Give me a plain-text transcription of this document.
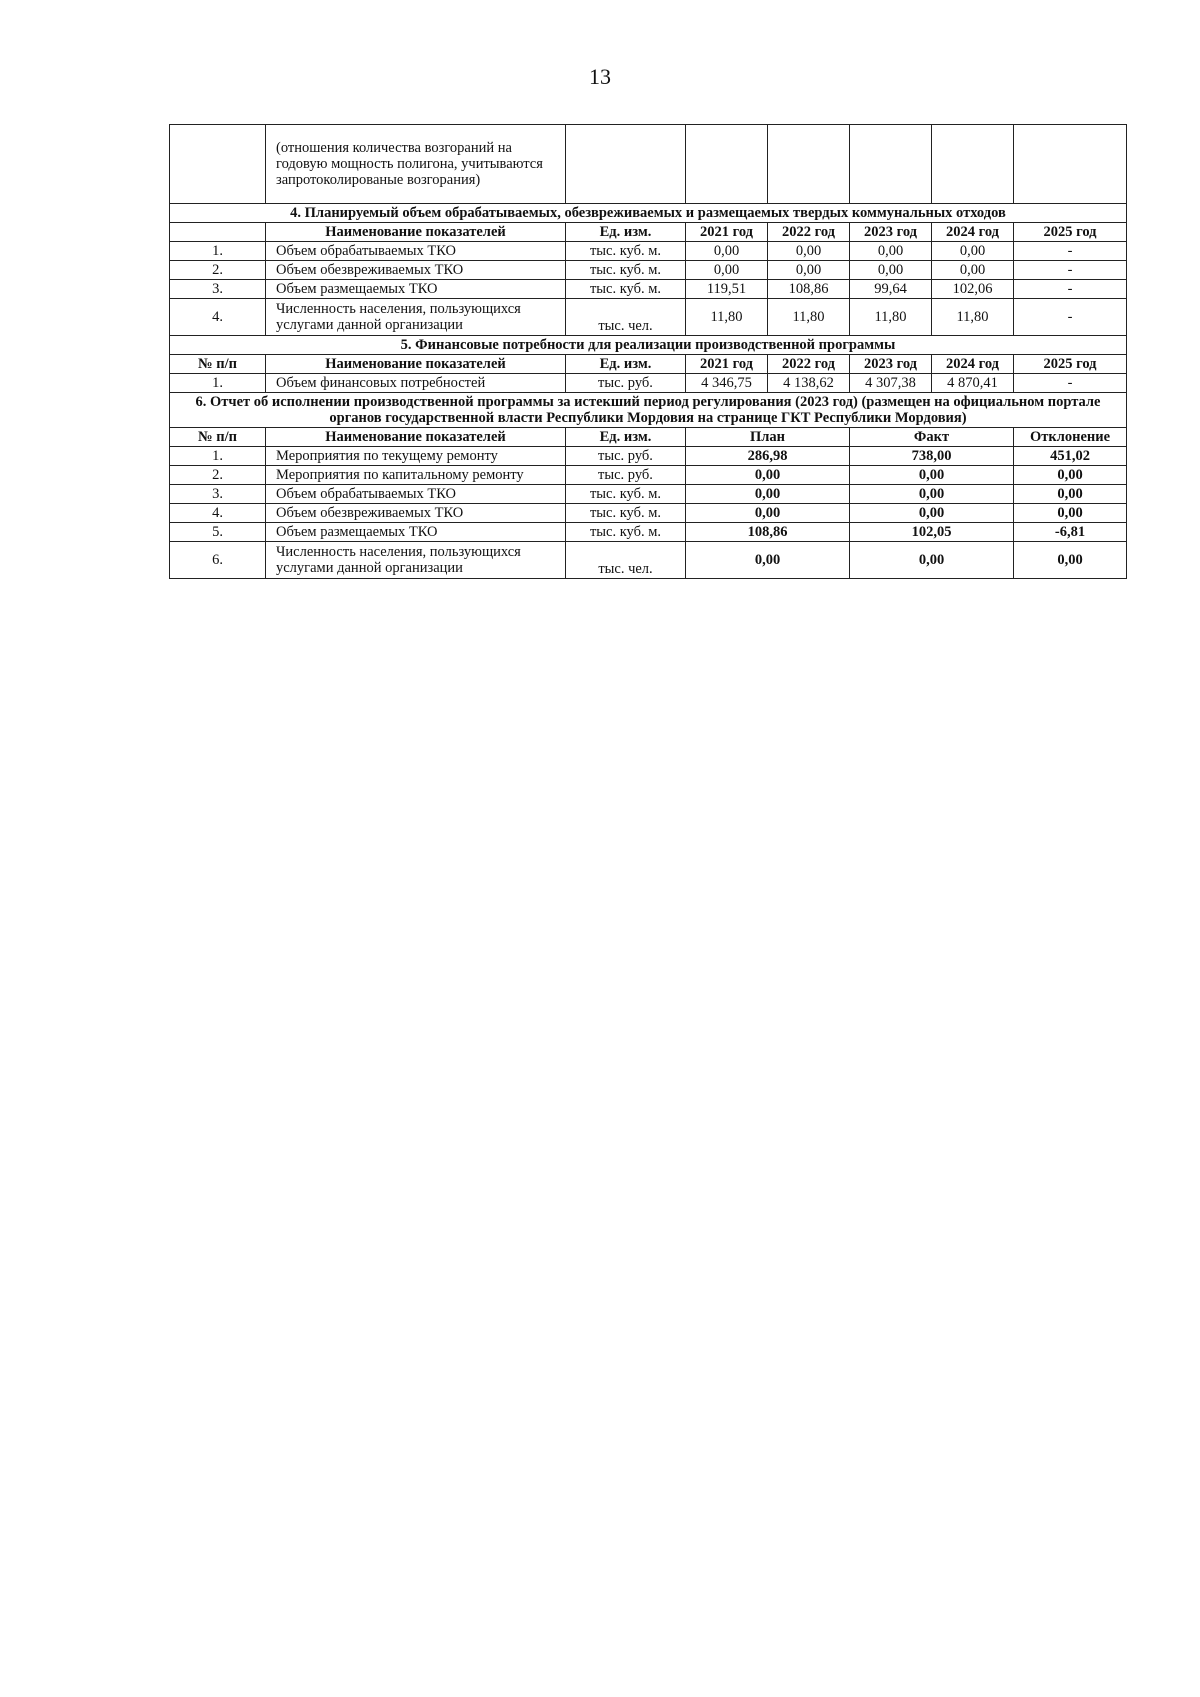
13
	(отношения количества возгораний на годовую мощность полигона, учитываются запротоколированые возгорания)						
4. Планируемый объем обрабатываемых, обезвреживаемых и размещаемых твердых коммунальных отходов							
	Наименование показателей	Ед. изм.	2021 год	2022 год	2023 год	2024 год	2025 год
1.	Объем обрабатываемых ТКО	тыс. куб. м.	0,00	0,00	0,00	0,00	-
2.	Объем обезвреживаемых ТКО	тыс. куб. м.	0,00	0,00	0,00	0,00	-
3.	Объем размещаемых ТКО	тыс. куб. м.	119,51	108,86	99,64	102,06	-
4.	Численность населения, пользующихся услугами данной организации	тыс. чел.	11,80	11,80	11,80	11,80	-
5. Финансовые потребности для реализации производственной программы							
№ п/п	Наименование показателей	Ед. изм.	2021 год	2022 год	2023 год	2024 год	2025 год
1.	Объем финансовых потребностей	тыс. руб.	4 346,75	4 138,62	4 307,38	4 870,41	-
6. Отчет об исполнении производственной программы за истекший период регулирования (2023 год) (размещен на официальном портале органов государственной власти Республики Мордовия на странице ГКТ Республики Мордовия)							
№ п/п	Наименование показателей	Ед. изм.	План		Факт		Отклонение
1.	Мероприятия по текущему ремонту	тыс. руб.	286,98		738,00		451,02
2.	Мероприятия по капитальному ремонту	тыс. руб.	0,00		0,00		0,00
3.	Объем обрабатываемых ТКО	тыс. куб. м.	0,00		0,00		0,00
4.	Объем обезвреживаемых ТКО	тыс. куб. м.	0,00		0,00		0,00
5.	Объем размещаемых ТКО	тыс. куб. м.	108,86		102,05		-6,81
6.	Численность населения, пользующихся услугами данной организации	тыс. чел.	0,00		0,00		0,00
